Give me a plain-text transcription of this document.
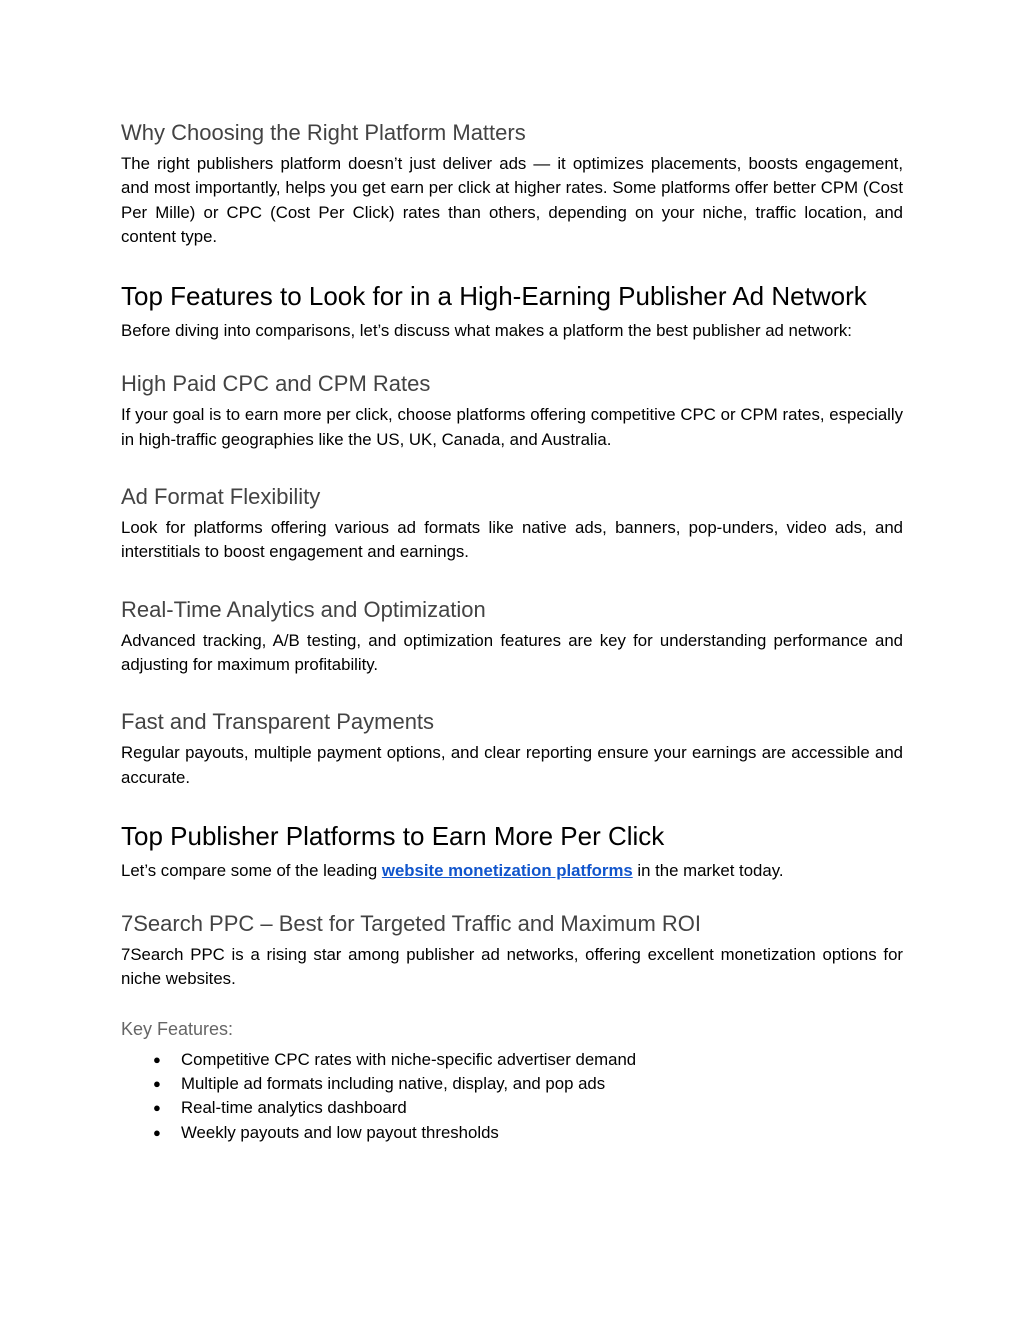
Why Choosing the Right Platform Matters

The right publishers platform doesn’t just deliver ads — it optimizes placements, boosts engagement, and most importantly, helps you get earn per click at higher rates. Some platforms offer better CPM (Cost Per Mille) or CPC (Cost Per Click) rates than others, depending on your niche, traffic location, and content type.

Top Features to Look for in a High-Earning Publisher Ad Network

Before diving into comparisons, let’s discuss what makes a platform the best publisher ad network:

High Paid CPC and CPM Rates

If your goal is to earn more per click, choose platforms offering competitive CPC or CPM rates, especially in high-traffic geographies like the US, UK, Canada, and Australia.

Ad Format Flexibility

Look for platforms offering various ad formats like native ads, banners, pop-unders, video ads, and interstitials to boost engagement and earnings.

Real-Time Analytics and Optimization

Advanced tracking, A/B testing, and optimization features are key for understanding performance and adjusting for maximum profitability.

Fast and Transparent Payments

Regular payouts, multiple payment options, and clear reporting ensure your earnings are accessible and accurate.

Top Publisher Platforms to Earn More Per Click

Let’s compare some of the leading website monetization platforms in the market today.

7Search PPC – Best for Targeted Traffic and Maximum ROI

7Search PPC is a rising star among publisher ad networks, offering excellent monetization options for niche websites.

Key Features:
● Competitive CPC rates with niche-specific advertiser demand
● Multiple ad formats including native, display, and pop ads
● Real-time analytics dashboard
● Weekly payouts and low payout thresholds
